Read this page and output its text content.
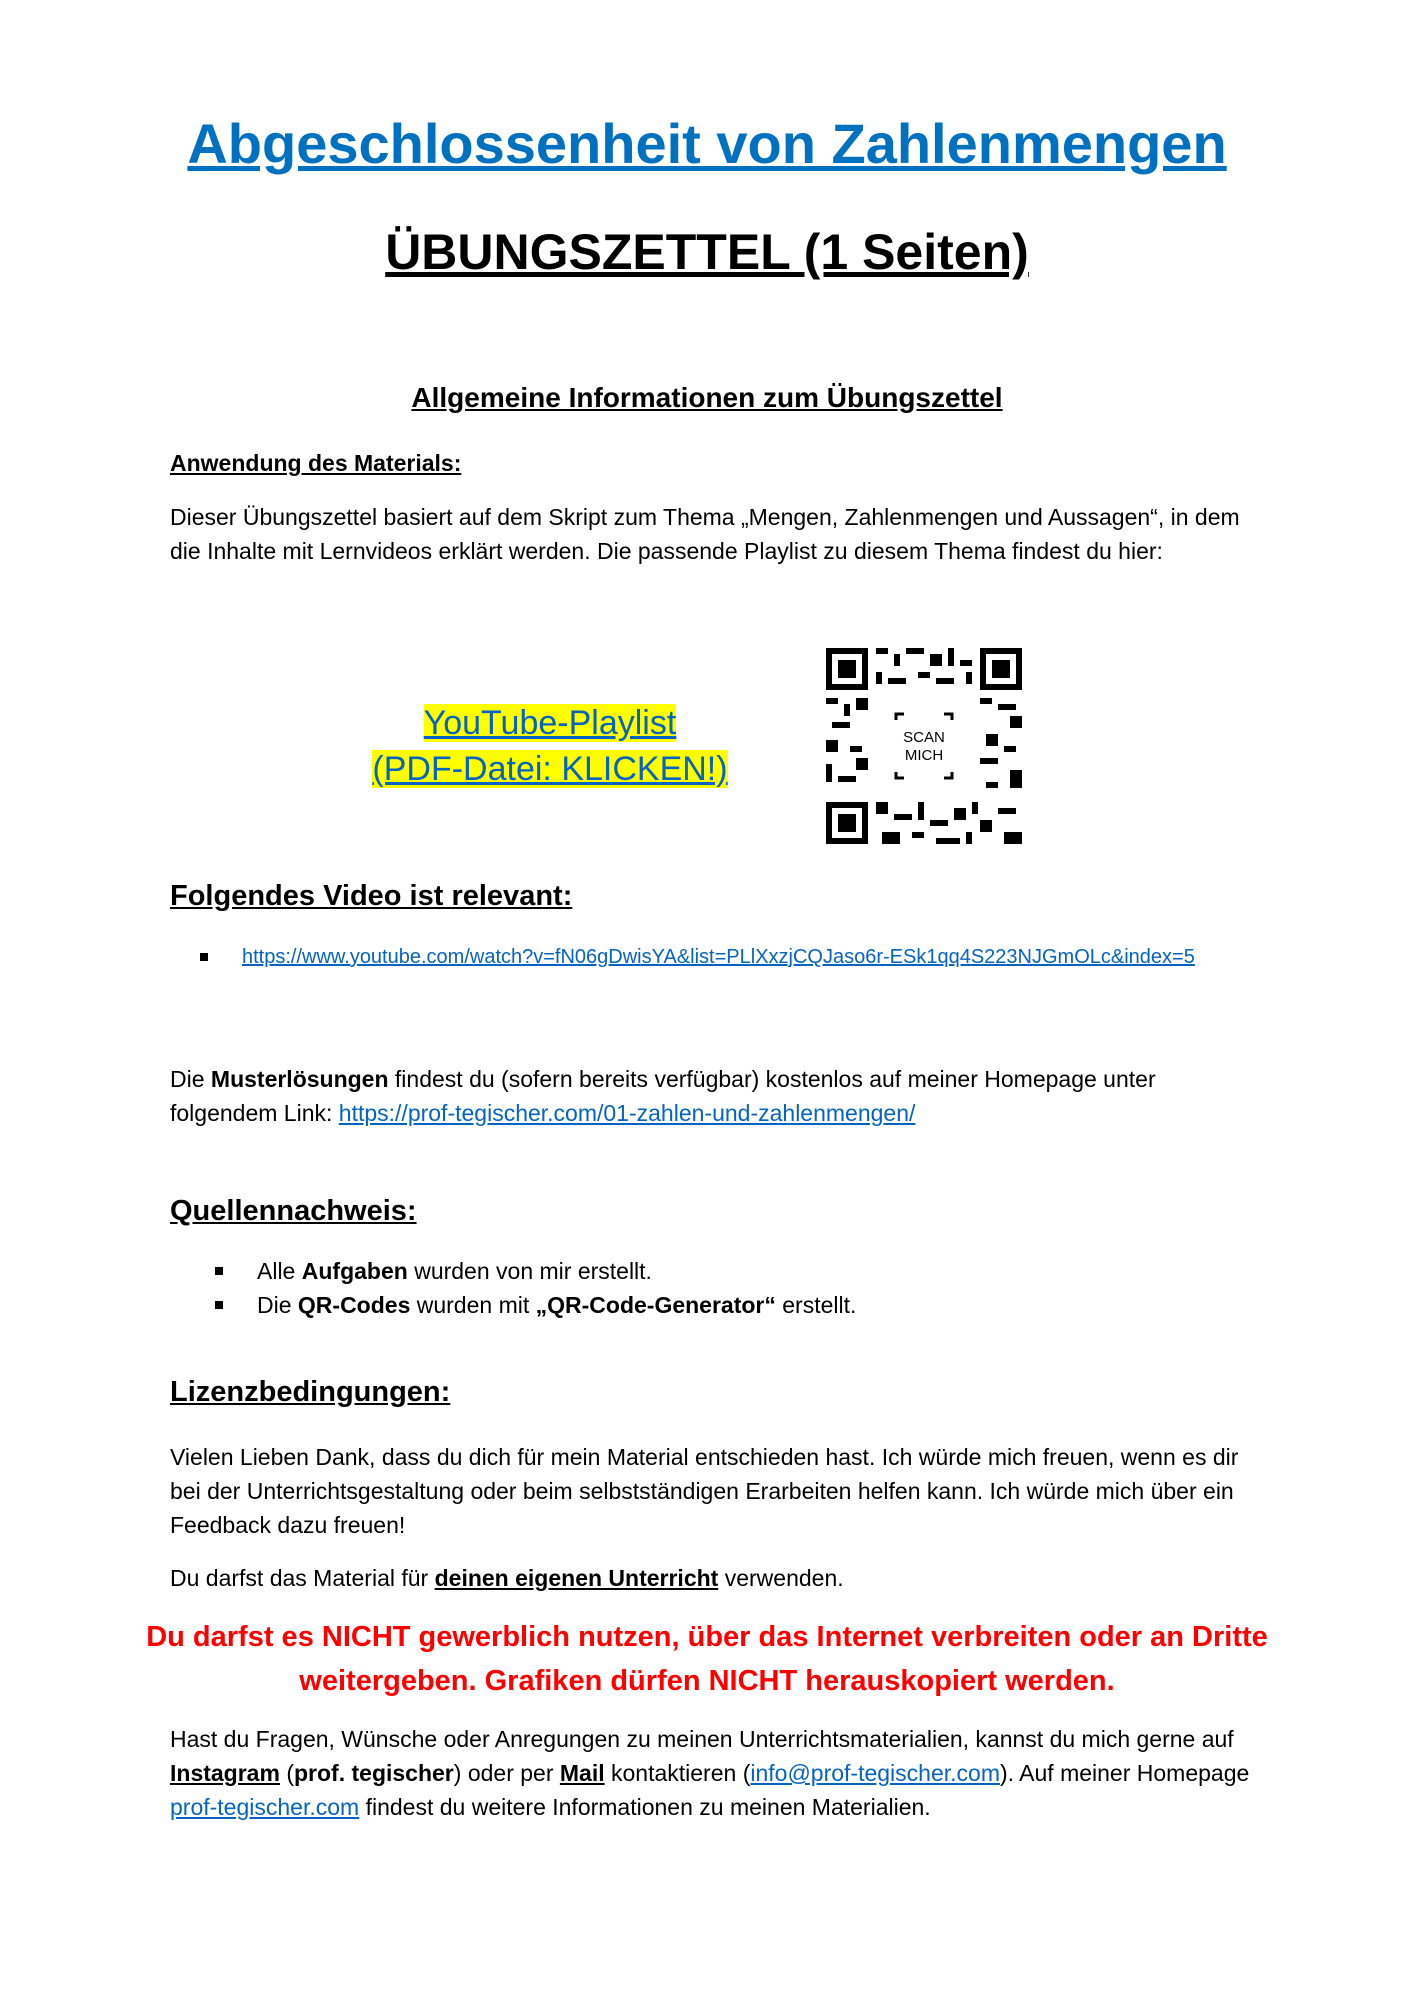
Abgeschlossenheit von Zahlenmengen
ÜBUNGSZETTEL (1 Seiten)
Allgemeine Informationen zum Übungszettel
Anwendung des Materials:
Dieser Übungszettel basiert auf dem Skript zum Thema „Mengen, Zahlenmengen und Aussagen“, in dem die Inhalte mit Lernvideos erklärt werden. Die passende Playlist zu diesem Thema findest du hier:
YouTube-Playlist
(PDF-Datei: KLICKEN!)
SCAN
MICH
Folgendes Video ist relevant:
https://www.youtube.com/watch?v=fN06gDwisYA&list=PLlXxzjCQJaso6r-ESk1qq4S223NJGmOLc&index=5
Die Musterlösungen findest du (sofern bereits verfügbar) kostenlos auf meiner Homepage unter folgendem Link: https://prof-tegischer.com/01-zahlen-und-zahlenmengen/
Quellennachweis:
Alle Aufgaben wurden von mir erstellt.
Die QR-Codes wurden mit „QR-Code-Generator“ erstellt.
Lizenzbedingungen:
Vielen Lieben Dank, dass du dich für mein Material entschieden hast. Ich würde mich freuen, wenn es dir bei der Unterrichtsgestaltung oder beim selbstständigen Erarbeiten helfen kann. Ich würde mich über ein Feedback dazu freuen!
Du darfst das Material für deinen eigenen Unterricht verwenden.
Du darfst es NICHT gewerblich nutzen, über das Internet verbreiten oder an Dritte weitergeben. Grafiken dürfen NICHT herauskopiert werden.
Hast du Fragen, Wünsche oder Anregungen zu meinen Unterrichtsmaterialien, kannst du mich gerne auf Instagram (prof. tegischer) oder per Mail kontaktieren (info@prof-tegischer.com). Auf meiner Homepage prof-tegischer.com findest du weitere Informationen zu meinen Materialien.
